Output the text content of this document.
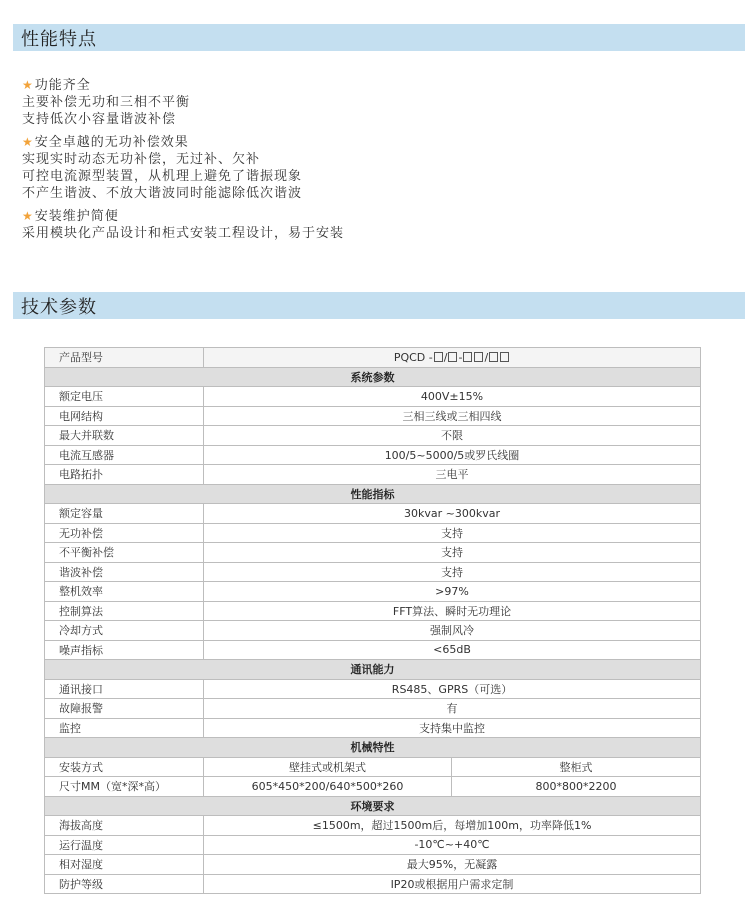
性能特点
★ 功能齐全
主要补偿无功和三相不平衡
支持低次小容量谐波补偿
★ 安全卓越的无功补偿效果
实现实时动态无功补偿，无过补、欠补
可控电流源型装置，从机理上避免了谐振现象
不产生谐波、不放大谐波同时能滤除低次谐波
★ 安装维护简便
采用模块化产品设计和柜式安装工程设计，易于安装
技术参数
产品型号	PQCD - / - /	
系统参数		
额定电压	400V±15%	
电网结构	三相三线或三相四线	
最大并联数	不限	
电流互感器	100/5~5000/5或罗氏线圈	
电路拓扑	三电平	
性能指标		
额定容量	30kvar ~300kvar	
无功补偿	支持	
不平衡补偿	支持	
谐波补偿	支持	
整机效率	>97%	
控制算法	FFT算法、瞬时无功理论	
冷却方式	强制风冷	
噪声指标	<65dB	
通讯能力		
通讯接口	RS485、GPRS（可选）	
故障报警	有	
监控	支持集中监控	
机械特性		
安装方式	壁挂式或机架式	整柜式
尺寸MM（宽*深*高）	605*450*200/640*500*260	800*800*2200
环境要求		
海拔高度	≤1500m，超过1500m后，每增加100m，功率降低1%	
运行温度	-10℃~+40℃	
相对湿度	最大95%，无凝露	
防护等级	IP20或根据用户需求定制	
